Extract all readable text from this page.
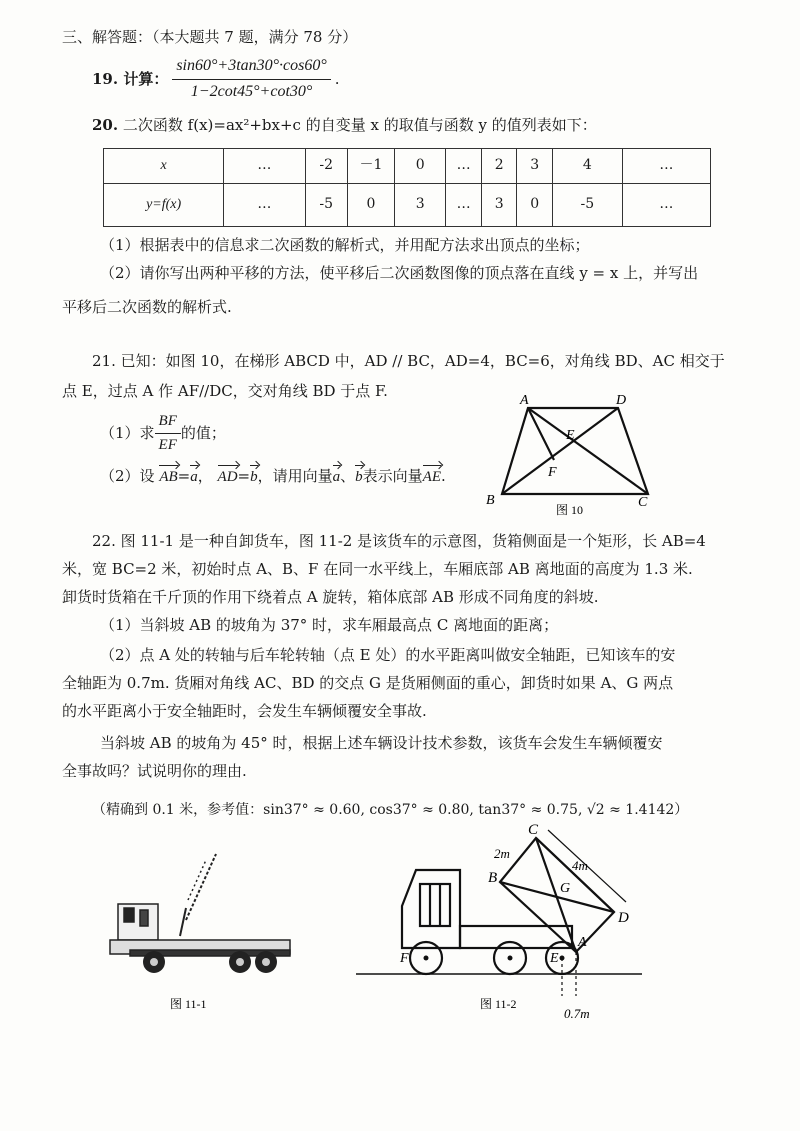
三、解答题：（本大题共 7 题，满分 78 分）
19. 计算： $\frac{\sin 60^\circ+3\tan 30^\circ\cdot\cos 60^\circ}{1-2\cot 45^\circ+\cot 30^\circ}$ .
20. 二次函数 f(x)=ax²+bx+c 的自变量 x 的取值与函数 y 的值列表如下：
x	…	-2	－1	0	…	2	3	4	…
y=f(x)	…	-5	0	3	…	3	0	-5	…
（1）根据表中的信息求二次函数的解析式，并用配方法求出顶点的坐标；
（2）请你写出两种平移的方法，使平移后二次函数图像的顶点落在直线 y = x 上，并写出
平移后二次函数的解析式.
21. 已知：如图 10，在梯形 ABCD 中，AD // BC，AD=4，BC=6，对角线 BD、AC 相交于
点 E，过点 A 作 AF//DC，交对角线 BD 于点 F.
（1）求 $\frac{BF}{EF}$ 的值；
（2）设 AB=a， AD=b，请用向量a、b表示向量AE.
A	D
E
F
B	C
图 10
22. 图 11-1 是一种自卸货车，图 11-2 是该货车的示意图，货箱侧面是一个矩形，长 AB=4
米，宽 BC=2 米，初始时点 A、B、F 在同一水平线上，车厢底部 AB 离地面的高度为 1.3 米.
卸货时货箱在千斤顶的作用下绕着点 A 旋转，箱体底部 AB 形成不同角度的斜坡.
（1）当斜坡 AB 的坡角为 37° 时，求车厢最高点 C 离地面的距离；
（2）点 A 处的转轴与后车轮转轴（点 E 处）的水平距离叫做安全轴距，已知该车的安
全轴距为 0.7m. 货厢对角线 AC、BD 的交点 G 是货厢侧面的重心，卸货时如果 A、G 两点
的水平距离小于安全轴距时，会发生车辆倾覆安全事故.
当斜坡 AB 的坡角为 45° 时，根据上述车辆设计技术参数，该货车会发生车辆倾覆安
全事故吗？试说明你的理由.
（精确到 0.1 米，参考值：sin37° ≈ 0.60, cos37° ≈ 0.80, tan37° ≈ 0.75, √2 ≈ 1.4142）
图 11-1
C
B
G
D
A
F	E
2m
4m
0.7m
图 11-2
